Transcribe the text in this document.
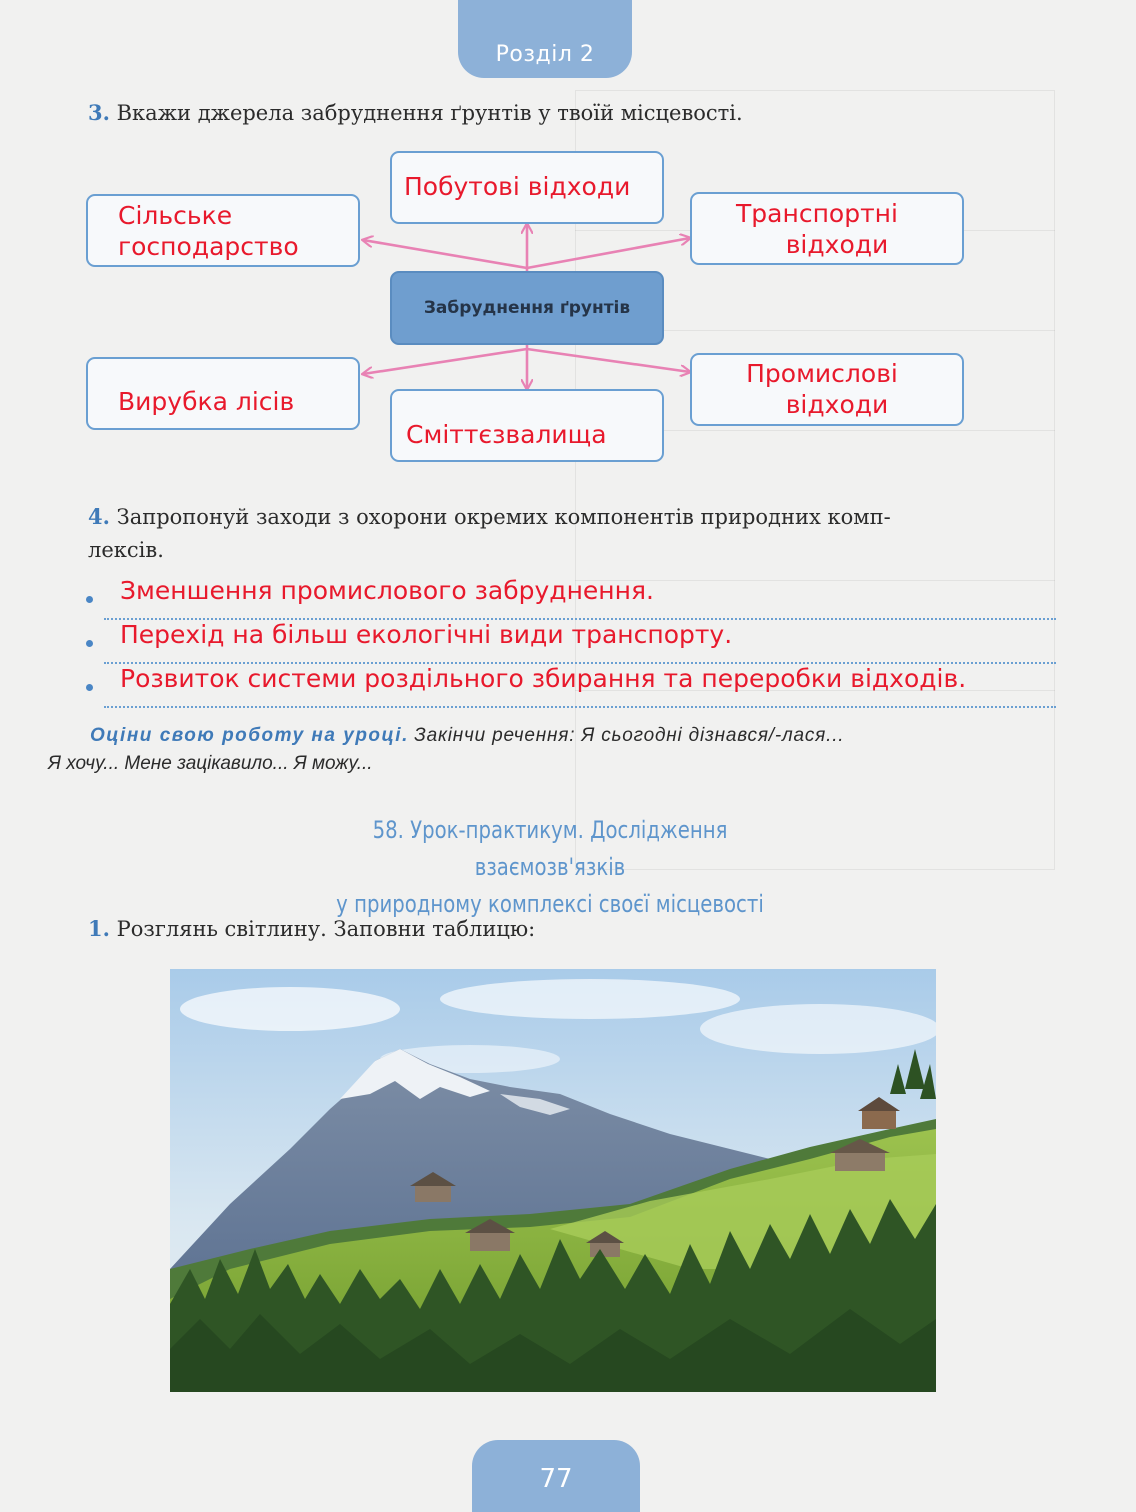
Розділ 2
3. Вкажи джерела забруднення ґрунтів у твоїй місцевості.
Забруднення ґрунтів
Побутові відходи
Сільське
господарство
Транспортні
відходи
Вирубка лісів
Сміттєзвалища
Промислові
відходи
4. Запропонуй заходи з охорони окремих компонентів природних комп-
лексів.
Зменшення промислового забруднення.
Перехід на більш екологічні види транспорту.
Розвиток системи роздільного збирання та переробки відходів.
Оціни свою роботу на уроці. Закінчи речення: Я сьогодні дізнався/-лася...
Я хочу... Мене зацікавило... Я можу...
58. Урок-практикум. Дослідження взаємозв'язків
у природному комплексі своєї місцевості
1. Розглянь світлину. Заповни таблицю:
77
